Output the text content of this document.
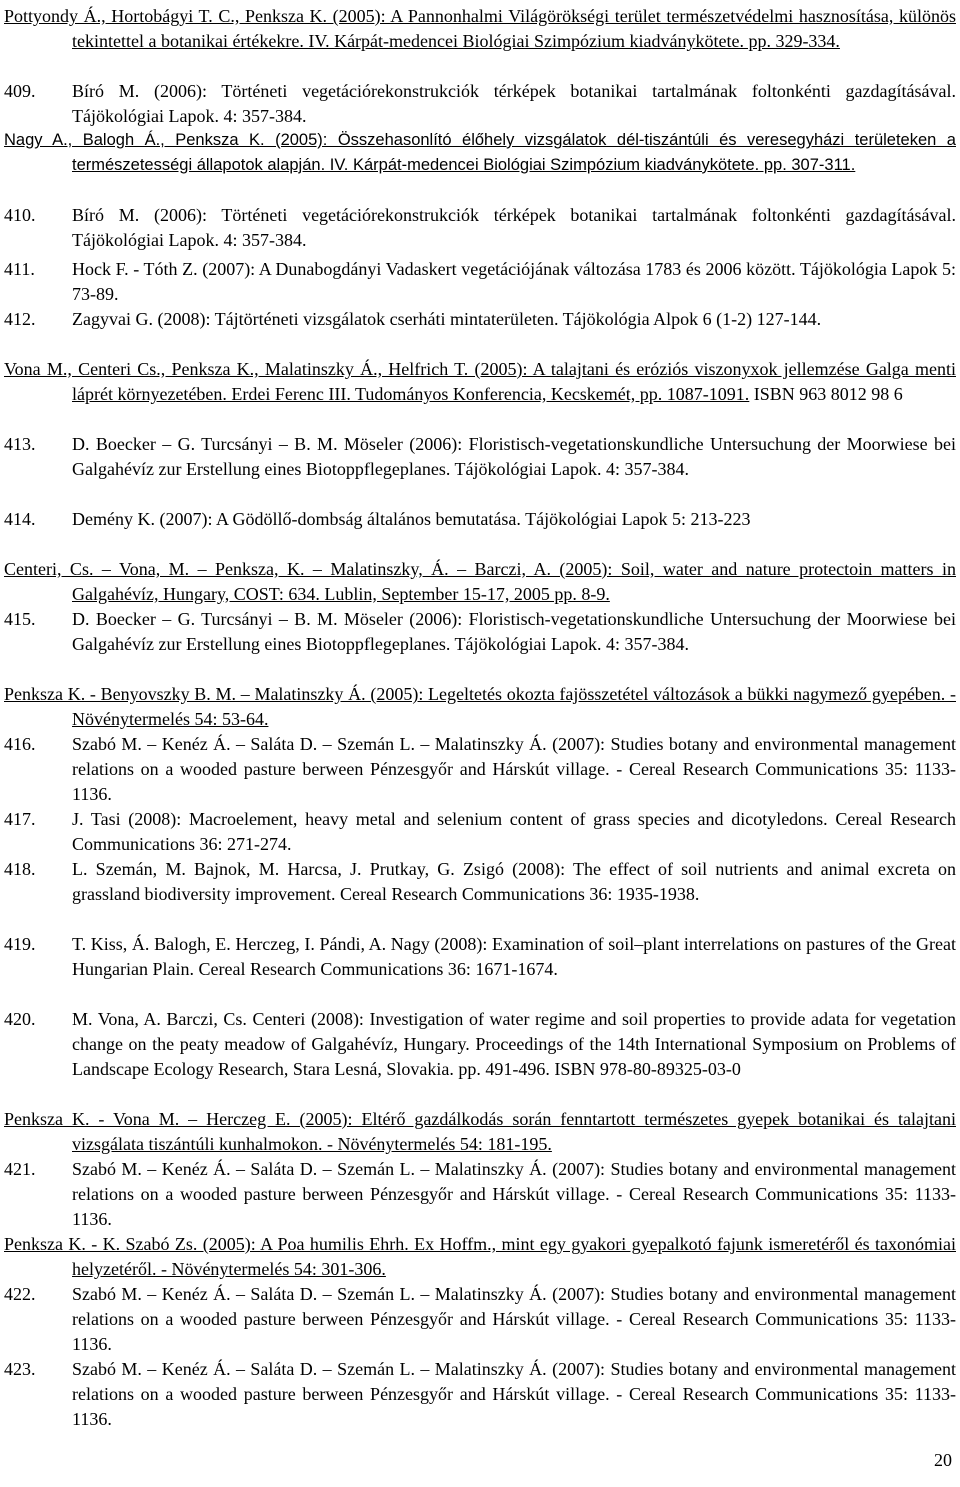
Pottyondy Á., Hortobágyi T. C., Penksza K. (2005): A Pannonhalmi Világörökségi terület természetvédelmi hasznosítása, különös tekintettel a botanikai értékekre. IV. Kárpát-medencei Biológiai Szimpózium kiadványkötete. pp. 329-334.
409. Bíró M. (2006): Történeti vegetációrekonstrukciók térképek botanikai tartalmának foltonkénti gazdagításával. Tájökológiai Lapok. 4: 357-384.
Nagy A., Balogh Á., Penksza K. (2005): Összehasonlító élőhely vizsgálatok dél-tiszántúli és veresegyházi területeken a természetességi állapotok alapján. IV. Kárpát-medencei Biológiai Szimpózium kiadványkötete. pp. 307-311.
410. Bíró M. (2006): Történeti vegetációrekonstrukciók térképek botanikai tartalmának foltonkénti gazdagításával. Tájökológiai Lapok. 4: 357-384.
411. Hock F. - Tóth Z. (2007): A Dunabogdányi Vadaskert vegetációjának változása 1783 és 2006 között. Tájökológia Lapok 5: 73-89.
412. Zagyvai G. (2008): Tájtörténeti vizsgálatok cserháti mintaterületen. Tájökológia Alpok 6 (1-2) 127-144.
Vona M., Centeri Cs., Penksza K., Malatinszky Á., Helfrich T. (2005): A talajtani és eróziós viszonyxok jellemzése Galga menti láprét környezetében. Erdei Ferenc III. Tudományos Konferencia, Kecskemét, pp. 1087-1091. ISBN 963 8012 98 6
413. D. Boecker – G. Turcsányi – B. M. Möseler (2006): Floristisch-vegetationskundliche Untersuchung der Moorwiese bei Galgahévíz zur Erstellung eines Biotoppflegeplanes. Tájökológiai Lapok. 4: 357-384.
414. Demény K. (2007): A Gödöllő-dombság általános bemutatása. Tájökológiai Lapok 5: 213-223
Centeri, Cs. – Vona, M. – Penksza, K. – Malatinszky, Á. – Barczi, A. (2005): Soil, water and nature protectoin matters in Galgahévíz, Hungary, COST: 634. Lublin, September 15-17, 2005 pp. 8-9.
415. D. Boecker – G. Turcsányi – B. M. Möseler (2006): Floristisch-vegetationskundliche Untersuchung der Moorwiese bei Galgahévíz zur Erstellung eines Biotoppflegeplanes. Tájökológiai Lapok. 4: 357-384.
Penksza K. - Benyovszky B. M. – Malatinszky Á. (2005): Legeltetés okozta fajösszetétel változások a bükki nagymező gyepében. - Növénytermelés 54: 53-64.
416. Szabó M. – Kenéz Á. – Saláta D. – Szemán L. – Malatinszky Á. (2007): Studies botany and environmental management relations on a wooded pasture berween Pénzesgyőr and Hárskút village. - Cereal Research Communications 35: 1133-1136.
417. J. Tasi (2008): Macroelement, heavy metal and selenium content of grass species and dicotyledons. Cereal Research Communications 36: 271-274.
418. L. Szemán, M. Bajnok, M. Harcsa, J. Prutkay, G. Zsigó (2008): The effect of soil nutrients and animal excreta on grassland biodiversity improvement. Cereal Research Communications 36: 1935-1938.
419. T. Kiss, Á. Balogh, E. Herczeg, I. Pándi, A. Nagy (2008): Examination of soil–plant interrelations on pastures of the Great Hungarian Plain. Cereal Research Communications 36: 1671-1674.
420. M. Vona, A. Barczi, Cs. Centeri (2008): Investigation of water regime and soil properties to provide adata for vegetation change on the peaty meadow of Galgahévíz, Hungary. Proceedings of the 14th International Symposium on Problems of Landscape Ecology Research, Stara Lesná, Slovakia. pp. 491-496. ISBN 978-80-89325-03-0
Penksza K. - Vona M. – Herczeg E. (2005): Eltérő gazdálkodás során fenntartott természetes gyepek botanikai és talajtani vizsgálata tiszántúli kunhalmokon. - Növénytermelés 54: 181-195.
421. Szabó M. – Kenéz Á. – Saláta D. – Szemán L. – Malatinszky Á. (2007): Studies botany and environmental management relations on a wooded pasture berween Pénzesgyőr and Hárskút village. - Cereal Research Communications 35: 1133-1136.
Penksza K. - K. Szabó Zs. (2005): A Poa humilis Ehrh. Ex Hoffm., mint egy gyakori gyepalkotó fajunk ismeretéről és taxonómiai helyzetéről. - Növénytermelés 54: 301-306.
422. Szabó M. – Kenéz Á. – Saláta D. – Szemán L. – Malatinszky Á. (2007): Studies botany and environmental management relations on a wooded pasture berween Pénzesgyőr and Hárskút village. - Cereal Research Communications 35: 1133-1136.
423. Szabó M. – Kenéz Á. – Saláta D. – Szemán L. – Malatinszky Á. (2007): Studies botany and environmental management relations on a wooded pasture berween Pénzesgyőr and Hárskút village. - Cereal Research Communications 35: 1133-1136.
20
